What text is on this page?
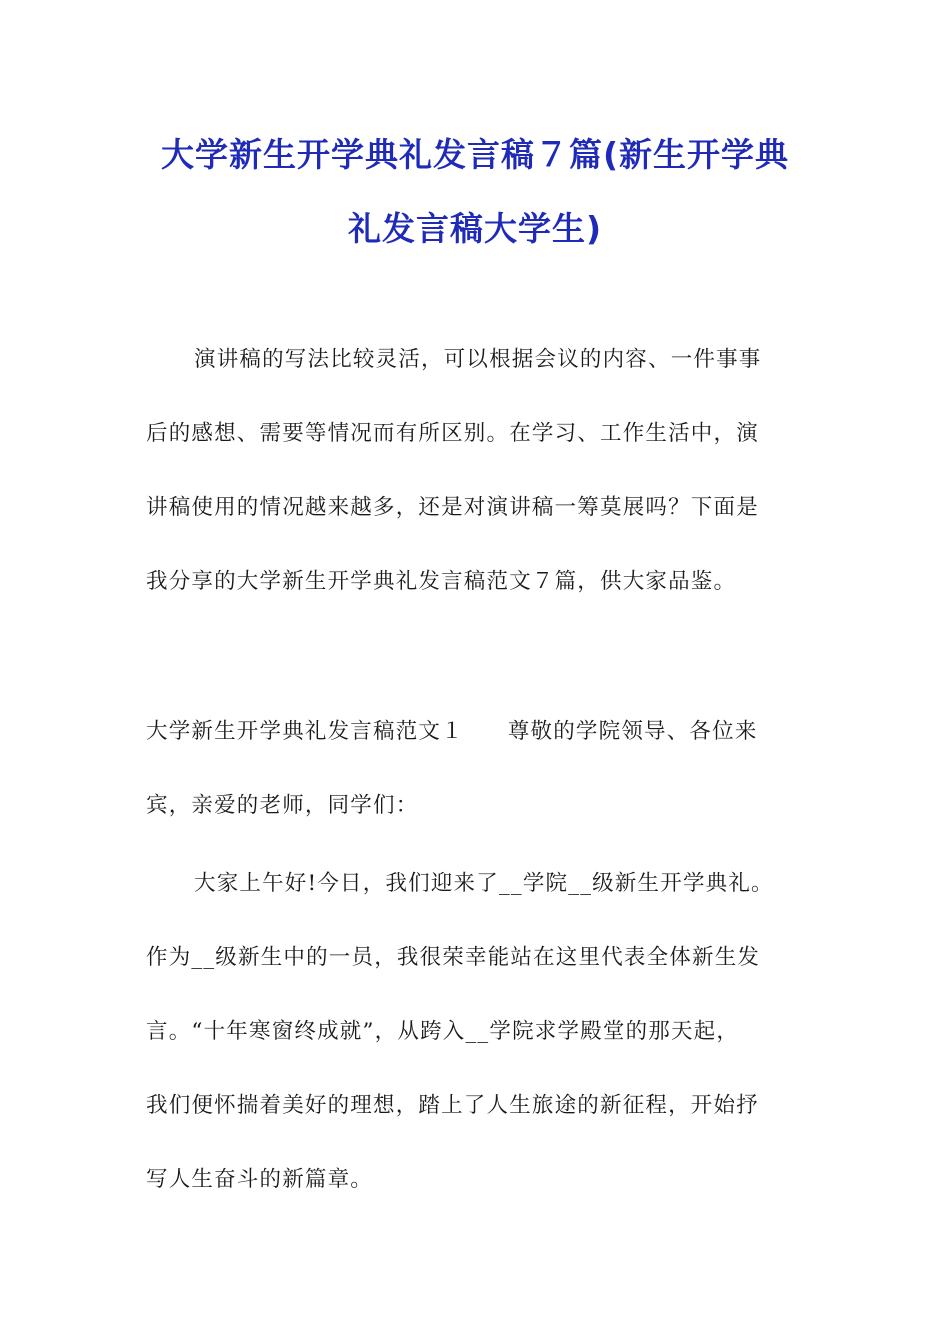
大学新生开学典礼发言稿７篇(新生开学典
礼发言稿大学生)

演讲稿的写法比较灵活，可以根据会议的内容、一件事事
后的感想、需要等情况而有所区别。在学习、工作生活中，演
讲稿使用的情况越来越多，还是对演讲稿一筹莫展吗？下面是
我分享的大学新生开学典礼发言稿范文７篇，供大家品鉴。

大学新生开学典礼发言稿范文１ 尊敬的学院领导、各位来
宾，亲爱的老师，同学们：

大家上午好!今日，我们迎来了__学院__级新生开学典礼。
作为__级新生中的一员，我很荣幸能站在这里代表全体新生发
言。“十年寒窗终成就”，从跨入__学院求学殿堂的那天起，
我们便怀揣着美好的理想，踏上了人生旅途的新征程，开始抒
写人生奋斗的新篇章。
